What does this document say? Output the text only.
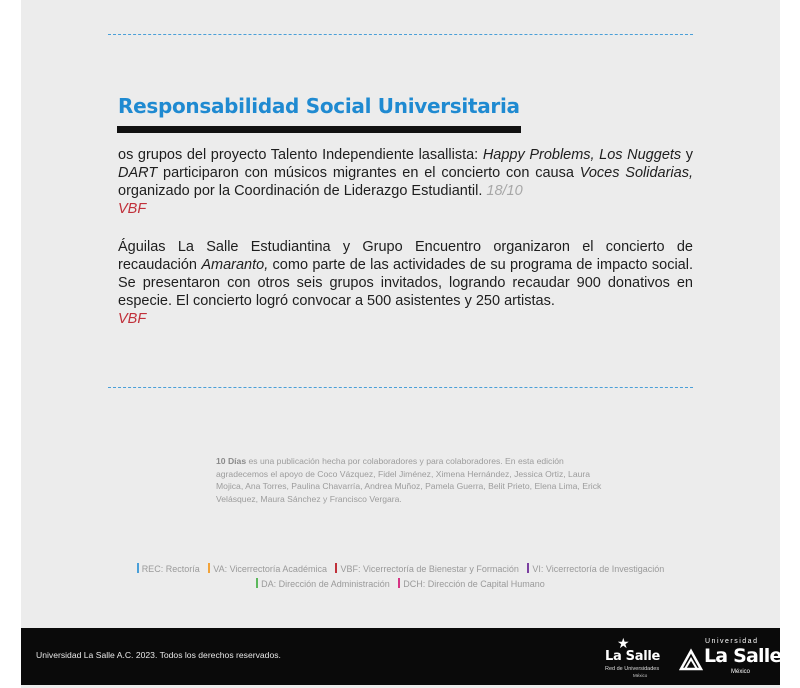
Responsabilidad Social Universitaria
os grupos del proyecto Talento Independiente lasallista: Happy Problems, Los Nuggets y DART participaron con músicos migrantes en el concierto con causa Voces Solidarias, organizado por la Coordinación de Liderazgo Estudiantil. 18/10
VBF
Águilas La Salle Estudiantina y Grupo Encuentro organizaron el concierto de recaudación Amaranto, como parte de las actividades de su programa de impacto social. Se presentaron con otros seis grupos invitados, logrando recaudar 900 donativos en especie. El concierto logró convocar a 500 asistentes y 250 artistas.
VBF
10 Días es una publicación hecha por colaboradores y para colaboradores. En esta edición agradecemos el apoyo de Coco Vázquez, Fidel Jiménez, Ximena Hernández, Jessica Ortiz, Laura Mojica, Ana Torres, Paulina Chavarría, Andrea Muñoz, Pamela Guerra, Belit Prieto, Elena Lima, Erick Velásquez, Maura Sánchez y Francisco Vergara.
REC: Rectoría VA: Vicerrectoría Académica VBF: Vicerrectoría de Bienestar y Formación VI: Vicerrectoría de Investigación
DA: Dirección de Administración DCH: Dirección de Capital Humano
Universidad La Salle A.C. 2023. Todos los derechos reservados.
★
La Salle
Red de Universidades
México
Universidad
La Salle
México
